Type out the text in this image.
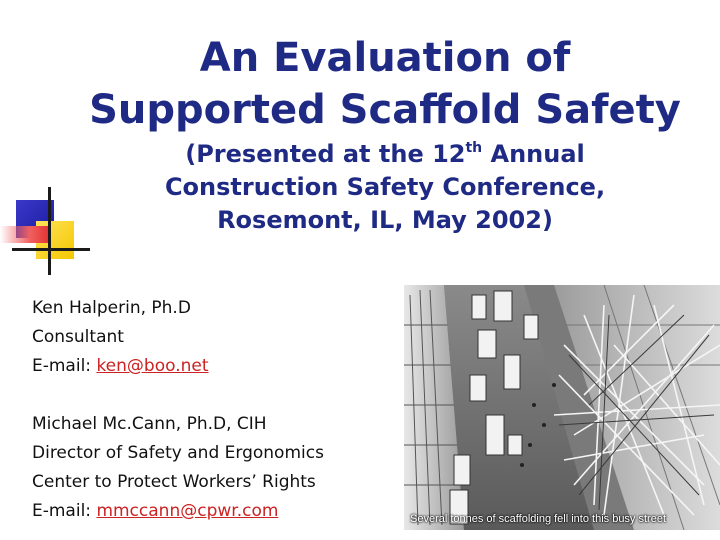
An Evaluation of
Supported Scaffold Safety
(Presented at the 12th Annual
Construction Safety Conference,
Rosemont, IL, May 2002)
Ken Halperin, Ph.D
Consultant
E-mail: ken@boo.net
Michael Mc.Cann, Ph.D, CIH
Director of Safety and Ergonomics
Center to Protect Workers’ Rights
E-mail: mmccann@cpwr.com	Several tonnes of scaffolding fell into this busy street
